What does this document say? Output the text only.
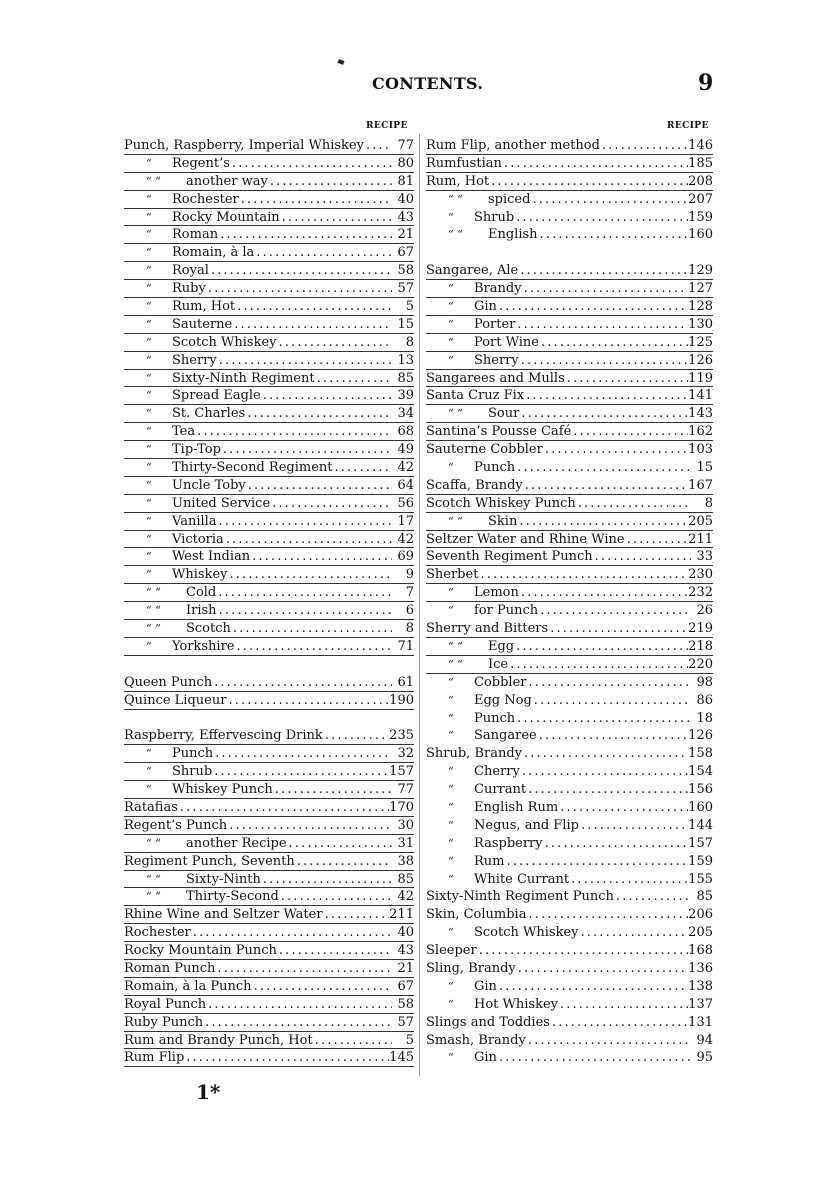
CONTENTS.	9
RECIPE	RECIPE
Punch, Raspberry, Imperial Whiskey . . .	77
“ Regent’s . . .	80
“ “ another way . . .	81
“ Rochester . . .	40
“ Rocky Mountain . . .	43
“ Roman . . .	21
“ Romain, à la . . .	67
“ Royal . . .	58
“ Ruby . . .	57
“ Rum, Hot . . .	5
“ Sauterne . . .	15
“ Scotch Whiskey . . .	8
“ Sherry . . .	13
“ Sixty-Ninth Regiment . . .	85
“ Spread Eagle . . .	39
“ St. Charles . . .	34
“ Tea . . .	68
“ Tip-Top . . .	49
“ Thirty-Second Regiment . . .	42
“ Uncle Toby . . .	64
“ United Service . . .	56
“ Vanilla . . .	17
“ Victoria . . .	42
“ West Indian . . .	69
“ Whiskey . . .	9
“ “ Cold . . .	7
“ “ Irish . . .	6
“ “ Scotch . . .	8
“ Yorkshire . . .	71
Queen Punch . . .	61
Quince Liqueur . . .	190
Raspberry, Effervescing Drink . . .	235
“ Punch . . .	32
“ Shrub . . .	157
“ Whiskey Punch . . .	77
Ratafias . . .	170
Regent’s Punch . . .	30
“ “ another Recipe . . .	31
Regiment Punch, Seventh . . .	38
“ “ Sixty-Ninth . . .	85
“ “ Thirty-Second . . .	42
Rhine Wine and Seltzer Water . . .	211
Rochester . . .	40
Rocky Mountain Punch . . .	43
Roman Punch . . .	21
Romain, à la Punch . . .	67
Royal Punch . . .	58
Ruby Punch . . .	57
Rum and Brandy Punch, Hot . . .	5
Rum Flip . . .	145
Rum Flip, another method . . .	146
Rumfustian . . .	185
Rum, Hot . . .	208
“ “ spiced . . .	207
“ Shrub . . .	159
“ “ English . . .	160
Sangaree, Ale . . .	129
“ Brandy . . .	127
“ Gin . . .	128
“ Porter . . .	130
“ Port Wine . . .	125
“ Sherry . . .	126
Sangarees and Mulls . . .	119
Santa Cruz Fix . . .	141
“ “ Sour . . .	143
Santina’s Pousse Café . . .	162
Sauterne Cobbler . . .	103
“ Punch . . .	15
Scaffa, Brandy . . .	167
Scotch Whiskey Punch . . .	8
“ “ Skin . . .	205
Seltzer Water and Rhine Wine . . .	211
Seventh Regiment Punch . . .	33
Sherbet . . .	230
“ Lemon . . .	232
“ for Punch . . .	26
Sherry and Bitters . . .	219
“ “ Egg . . .	218
“ “ Ice . . .	220
“ Cobbler . . .	98
“ Egg Nog . . .	86
“ Punch . . .	18
“ Sangaree . . .	126
Shrub, Brandy . . .	158
“ Cherry . . .	154
“ Currant . . .	156
“ English Rum . . .	160
“ Negus, and Flip . . .	144
“ Raspberry . . .	157
“ Rum . . .	159
“ White Currant . . .	155
Sixty-Ninth Regiment Punch . . .	85
Skin, Columbia . . .	206
“ Scotch Whiskey . . .	205
Sleeper . . .	168
Sling, Brandy . . .	136
“ Gin . . .	138
“ Hot Whiskey . . .	137
Slings and Toddies . . .	131
Smash, Brandy . . .	94
“ Gin . . .	95
1*
